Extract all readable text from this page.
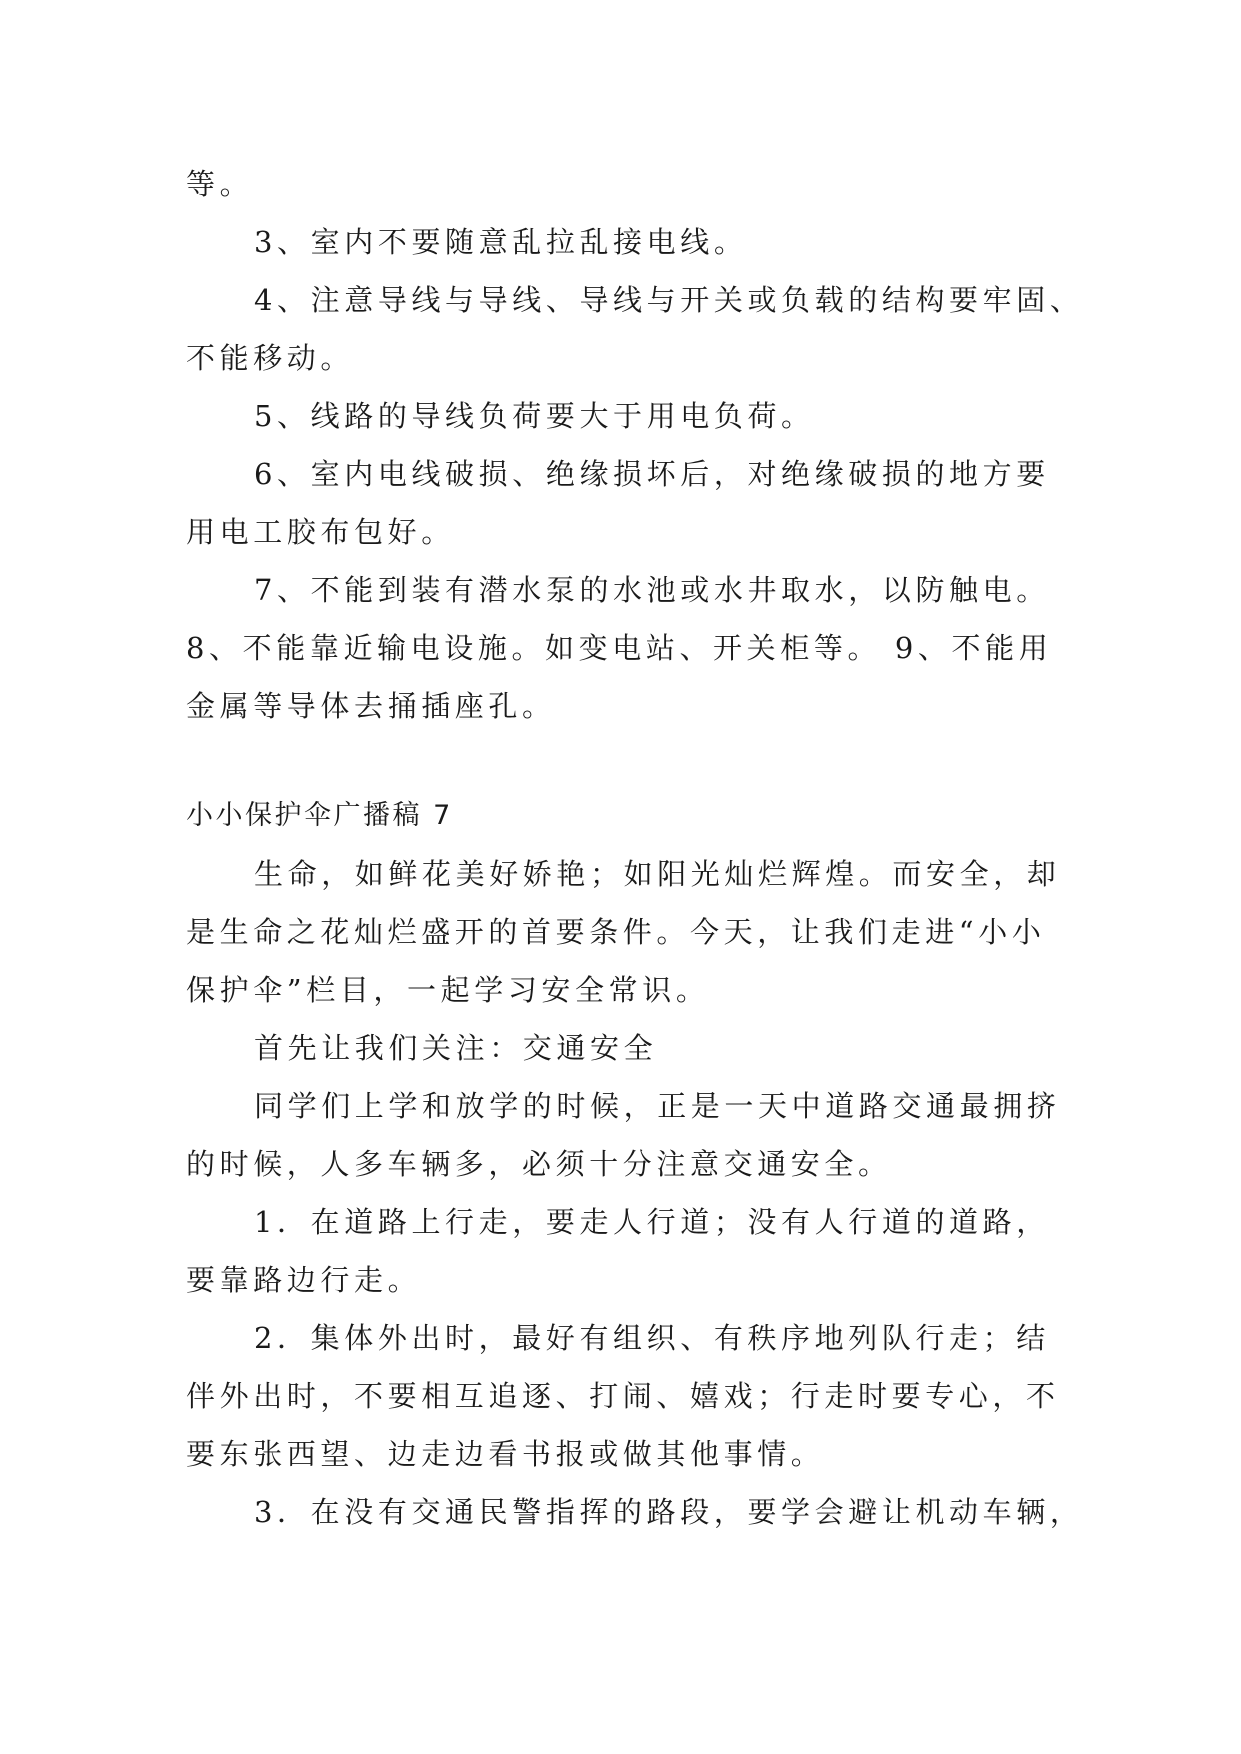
等。

3、室内不要随意乱拉乱接电线。

4、注意导线与导线、导线与开关或负载的结构要牢固、

不能移动。

5、线路的导线负荷要大于用电负荷。

6、室内电线破损、绝缘损坏后，对绝缘破损的地方要

用电工胶布包好。

7、不能到装有潜水泵的水池或水井取水，以防触电。

8、不能靠近输电设施。如变电站、开关柜等。 9、不能用

金属等导体去捅插座孔。

小小保护伞广播稿 7

生命，如鲜花美好娇艳；如阳光灿烂辉煌。而安全，却

是生命之花灿烂盛开的首要条件。今天，让我们走进“小小

保护伞”栏目，一起学习安全常识。

首先让我们关注：交通安全

同学们上学和放学的时候，正是一天中道路交通最拥挤

的时候，人多车辆多，必须十分注意交通安全。

1．在道路上行走，要走人行道；没有人行道的道路，

要靠路边行走。

2．集体外出时，最好有组织、有秩序地列队行走；结

伴外出时，不要相互追逐、打闹、嬉戏；行走时要专心，不

要东张西望、边走边看书报或做其他事情。

3．在没有交通民警指挥的路段，要学会避让机动车辆，
